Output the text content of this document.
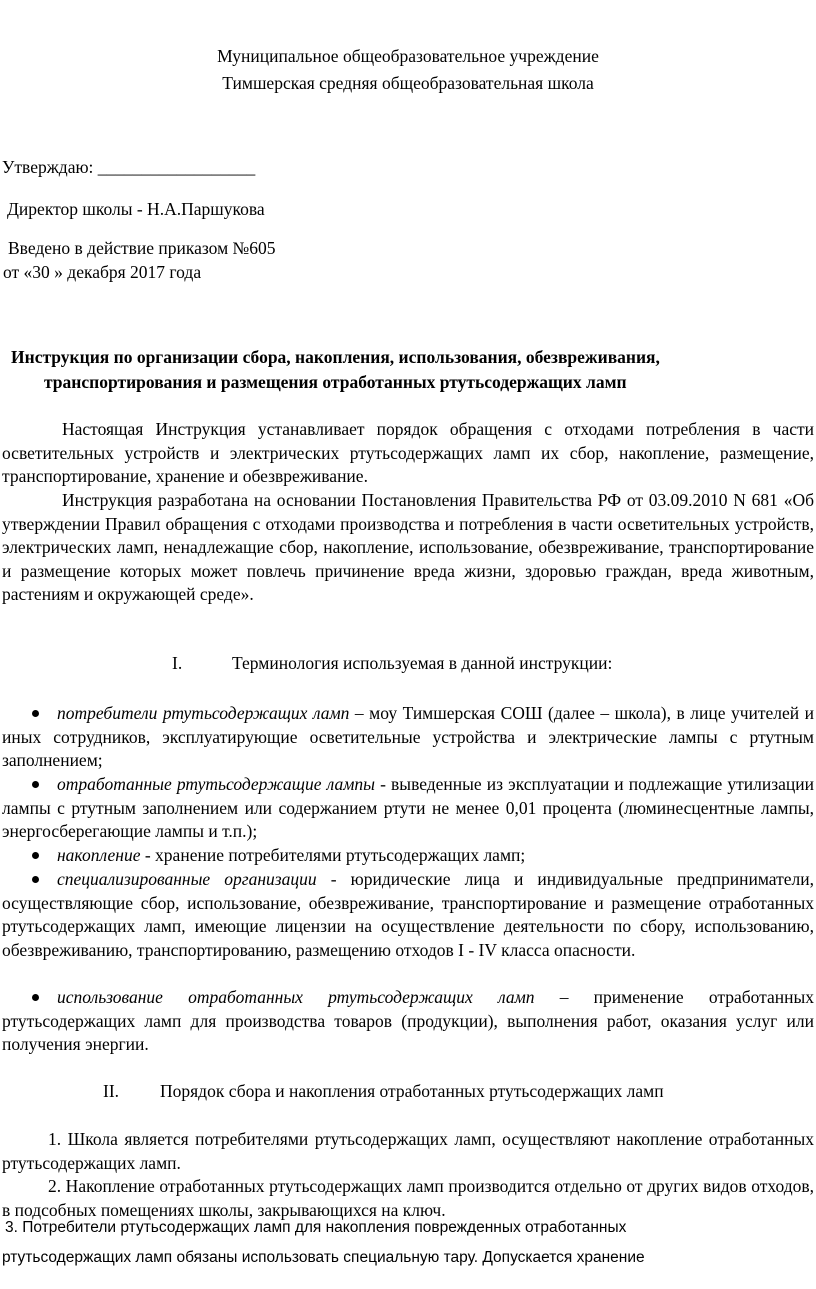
Муниципальное общеобразовательное учреждение
Тимшерская средняя общеобразовательная школа
Утверждаю: __________________
Директор школы - Н.А.Паршукова
Введено в действие приказом №605
от «30 » декабря 2017 года
Инструкция по организации сбора, накопления, использования, обезвреживания,
транспортирования и размещения отработанных ртутьсодержащих ламп
Настоящая Инструкция устанавливает порядок обращения с отходами потребления в части осветительных устройств и электрических ртутьсодержащих ламп их сбор, накопление, размещение, транспортирование, хранение и обезвреживание.
Инструкция разработана на основании Постановления Правительства РФ от 03.09.2010 N 681 «Об утверждении Правил обращения с отходами производства и потребления в части осветительных устройств, электрических ламп, ненадлежащие сбор, накопление, использование, обезвреживание, транспортирование и размещение которых может повлечь причинение вреда жизни, здоровью граждан, вреда животным, растениям и окружающей среде».
I.	Терминология используемая в данной инструкции:
потребители ртутьсодержащих ламп – моу Тимшерская СОШ (далее – школа), в лице учителей и иных сотрудников, эксплуатирующие осветительные устройства и электрические лампы с ртутным заполнением;
отработанные ртутьсодержащие лампы - выведенные из эксплуатации и подлежащие утилизации лампы с ртутным заполнением или содержанием ртути не менее 0,01 процента (люминесцентные лампы, энергосберегающие лампы и т.п.);
накопление - хранение потребителями ртутьсодержащих ламп;
специализированные организации - юридические лица и индивидуальные предприниматели, осуществляющие сбор, использование, обезвреживание, транспортирование и размещение отработанных ртутьсодержащих ламп, имеющие лицензии на осуществление деятельности по сбору, использованию, обезвреживанию, транспортированию, размещению отходов I - IV класса опасности.
использование отработанных ртутьсодержащих ламп – применение отработанных ртутьсодержащих ламп для производства товаров (продукции), выполнения работ, оказания услуг или получения энергии.
II. Порядок сбора и накопления отработанных ртутьсодержащих ламп
1. Школа является потребителями ртутьсодержащих ламп, осуществляют накопление отработанных ртутьсодержащих ламп.
2. Накопление отработанных ртутьсодержащих ламп производится отдельно от других видов отходов, в подсобных помещениях школы, закрывающихся на ключ.
3. Потребители ртутьсодержащих ламп для накопления поврежденных отработанных
ртутьсодержащих ламп обязаны использовать специальную тару. Допускается хранение
